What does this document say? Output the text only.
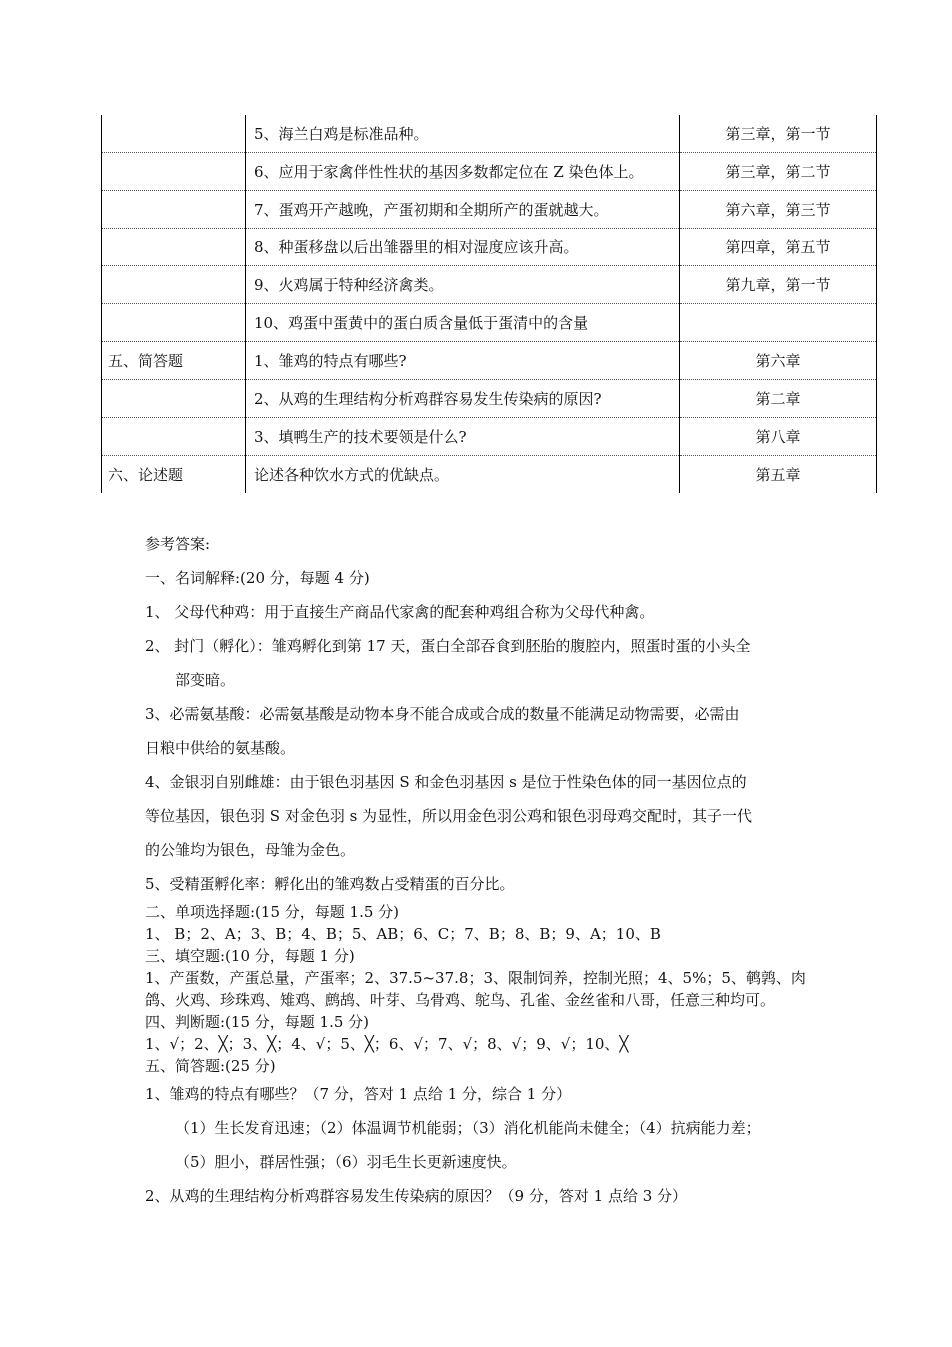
	5、海兰白鸡是标准品种。	第三章，第一节
	6、应用于家禽伴性性状的基因多数都定位在 Z 染色体上。	第三章，第二节
	7、蛋鸡开产越晚，产蛋初期和全期所产的蛋就越大。	第六章，第三节
	8、种蛋移盘以后出雏器里的相对湿度应该升高。	第四章，第五节
	9、火鸡属于特种经济禽类。	第九章，第一节
	10、鸡蛋中蛋黄中的蛋白质含量低于蛋清中的含量	
五、简答题	1、雏鸡的特点有哪些?	第六章
	2、从鸡的生理结构分析鸡群容易发生传染病的原因?	第二章
	3、填鸭生产的技术要领是什么?	第八章
六、论述题	论述各种饮水方式的优缺点。	第五章
参考答案:
一、名词解释:(20 分，每题 4 分)
1、 父母代种鸡：用于直接生产商品代家禽的配套种鸡组合称为父母代种禽。
2、 封门（孵化）：雏鸡孵化到第 17 天，蛋白全部吞食到胚胎的腹腔内，照蛋时蛋的小头全
部变暗。
3、必需氨基酸：必需氨基酸是动物本身不能合成或合成的数量不能满足动物需要，必需由
日粮中供给的氨基酸。
4、金银羽自别雌雄：由于银色羽基因 S 和金色羽基因 s 是位于性染色体的同一基因位点的
等位基因，银色羽 S 对金色羽 s 为显性，所以用金色羽公鸡和银色羽母鸡交配时，其子一代
的公雏均为银色，母雏为金色。
5、受精蛋孵化率：孵化出的雏鸡数占受精蛋的百分比。
二、单项选择题:(15 分，每题 1.5 分)
1、 B；2、A；3、B；4、B；5、AB；6、C；7、B；8、B；9、A；10、B
三、填空题:(10 分，每题 1 分)
1、产蛋数，产蛋总量，产蛋率；2、37.5~37.8；3、限制饲养，控制光照；4、5%；5、鹌鹑、肉鸽、火鸡、珍珠鸡、雉鸡、鹧鸪、叶芽、乌骨鸡、鸵鸟、孔雀、金丝雀和八哥，任意三种均可。
四、判断题:(15 分，每题 1.5 分)
1、√；2、╳；3、╳；4、√；5、╳；6、√；7、√；8、√；9、√；10、╳
五、简答题:(25 分)
1、雏鸡的特点有哪些？（7 分，答对 1 点给 1 分，综合 1 分）
（1）生长发育迅速；（2）体温调节机能弱；（3）消化机能尚未健全；（4）抗病能力差；
（5）胆小，群居性强；（6）羽毛生长更新速度快。
2、从鸡的生理结构分析鸡群容易发生传染病的原因？（9 分，答对 1 点给 3 分）
